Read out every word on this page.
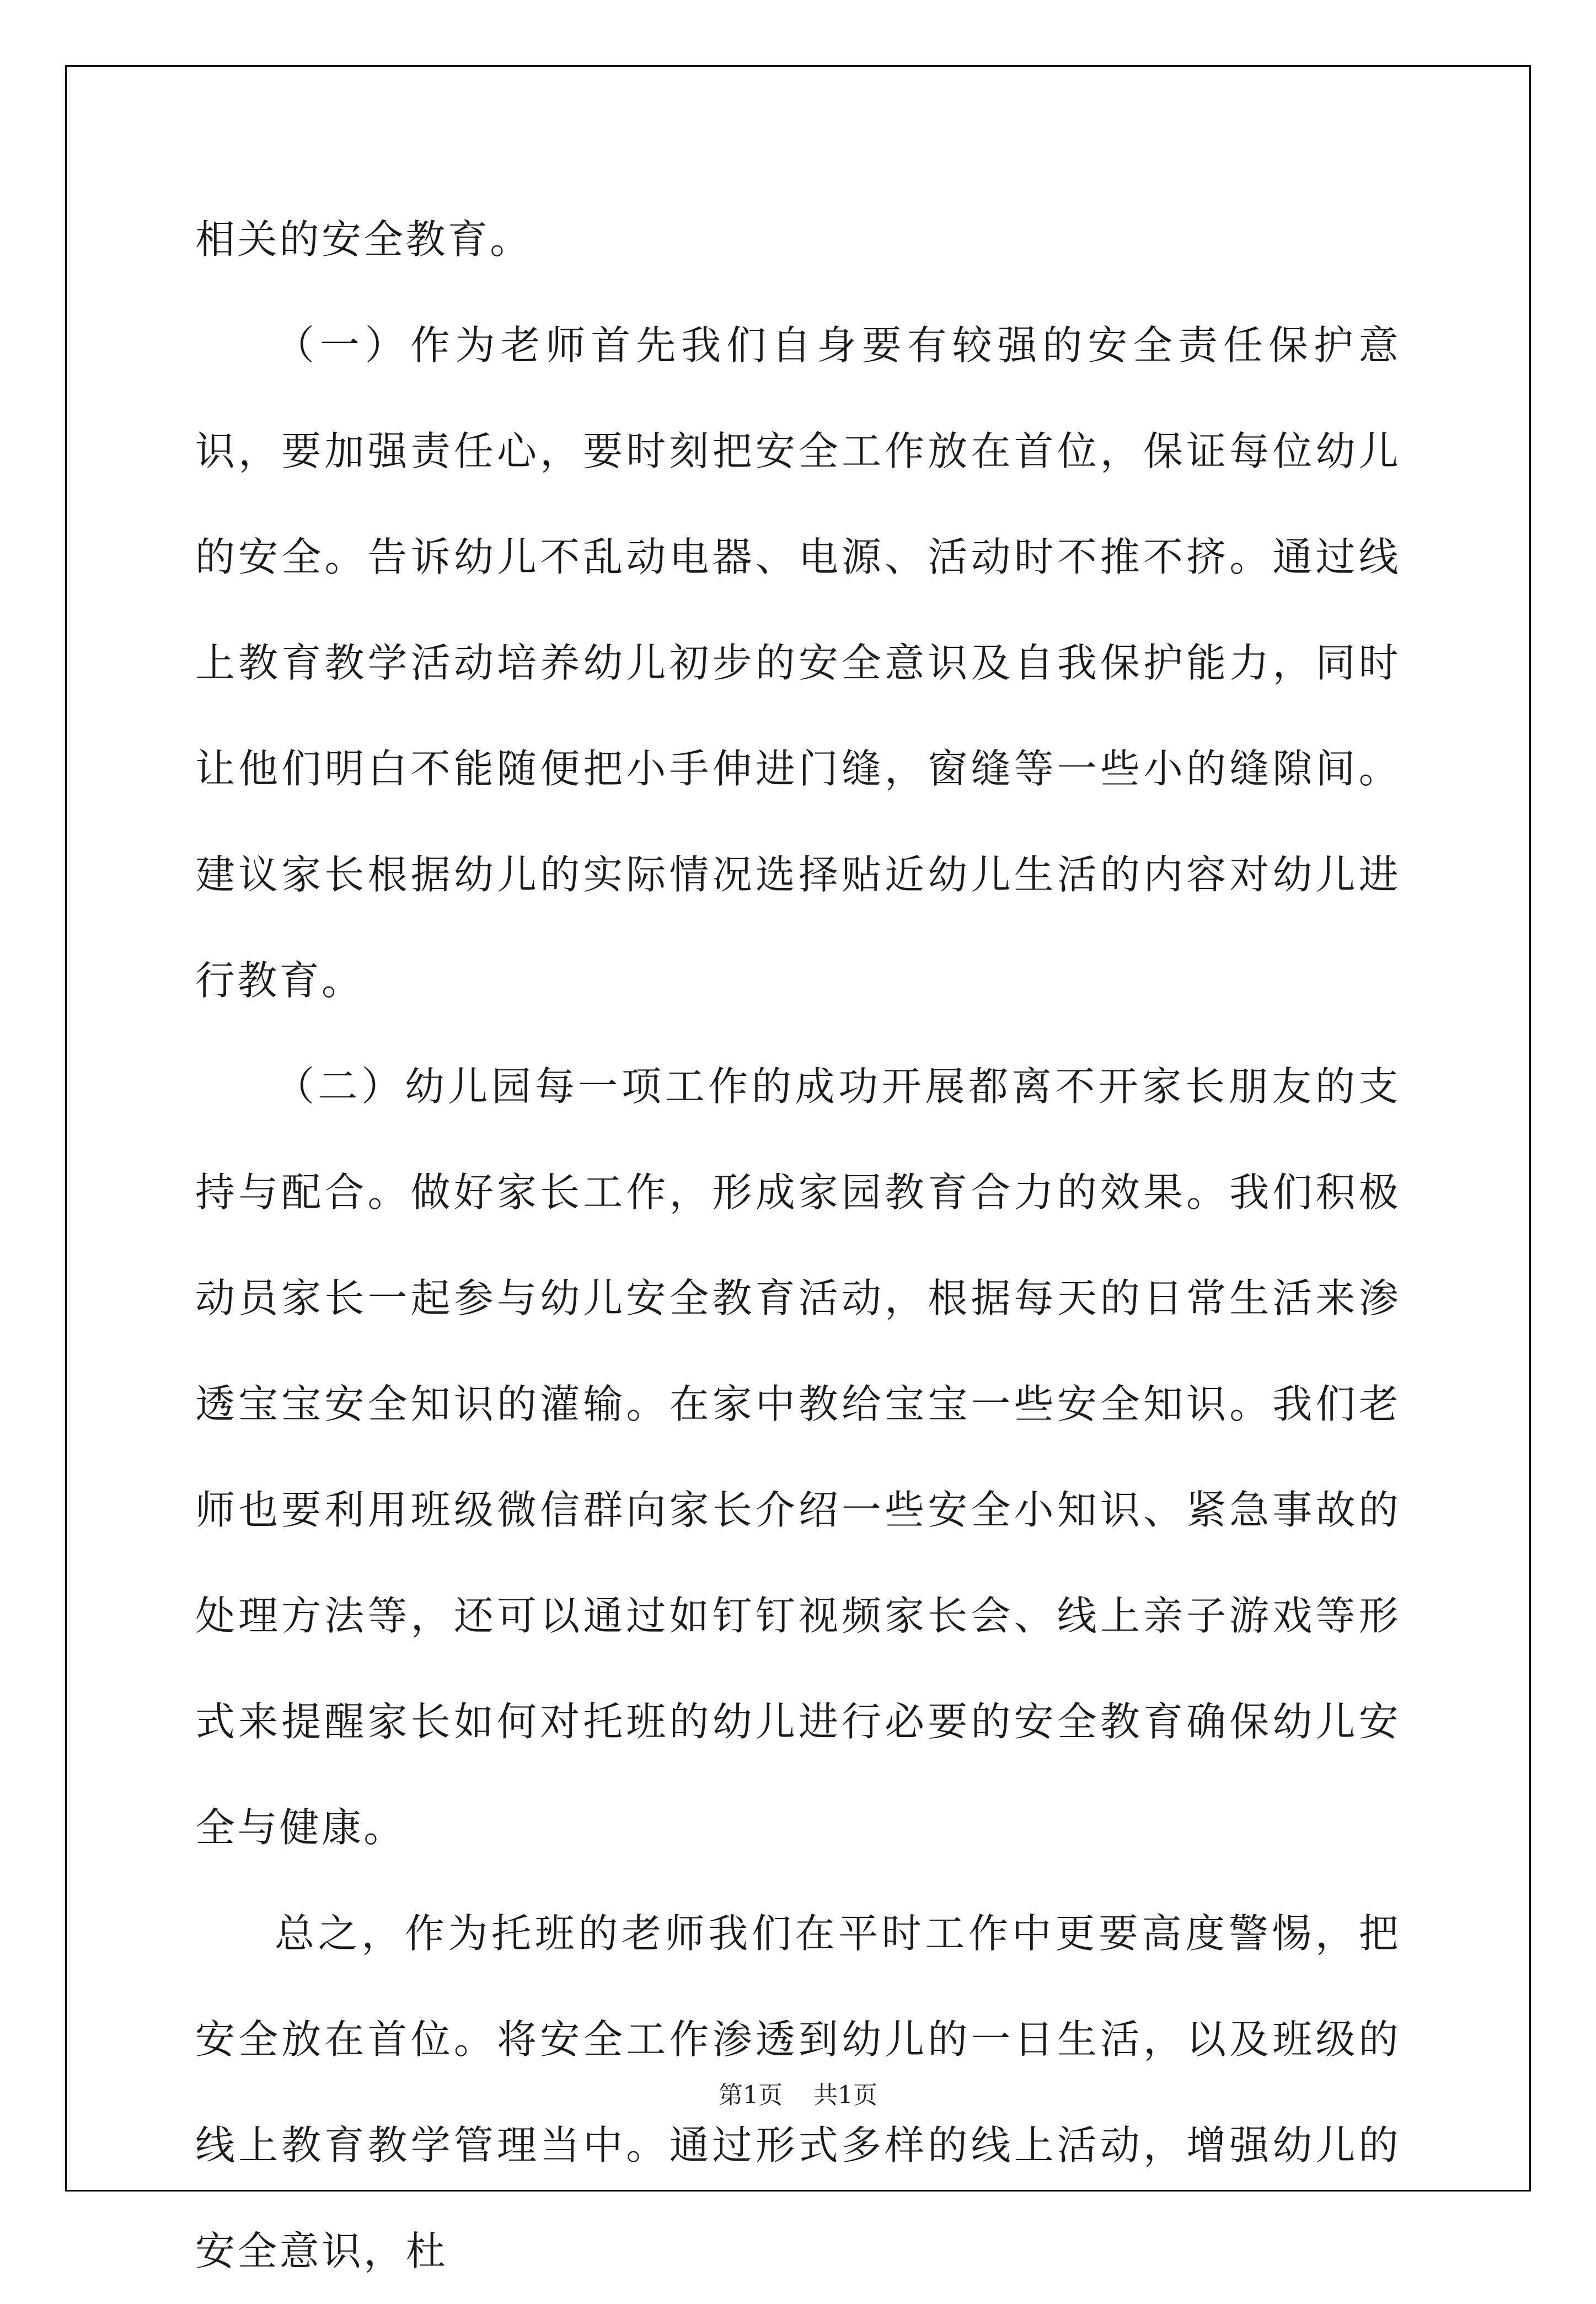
相关的安全教育。

（一）作为老师首先我们自身要有较强的安全责任保护意识，要加强责任心，要时刻把安全工作放在首位，保证每位幼儿的安全。告诉幼儿不乱动电器、电源、活动时不推不挤。通过线上教育教学活动培养幼儿初步的安全意识及自我保护能力，同时让他们明白不能随便把小手伸进门缝，窗缝等一些小的缝隙间。建议家长根据幼儿的实际情况选择贴近幼儿生活的内容对幼儿进行教育。

（二）幼儿园每一项工作的成功开展都离不开家长朋友的支持与配合。做好家长工作，形成家园教育合力的效果。我们积极动员家长一起参与幼儿安全教育活动，根据每天的日常生活来渗透宝宝安全知识的灌输。在家中教给宝宝一些安全知识。我们老师也要利用班级微信群向家长介绍一些安全小知识、紧急事故的处理方法等，还可以通过如钉钉视频家长会、线上亲子游戏等形式来提醒家长如何对托班的幼儿进行必要的安全教育确保幼儿安全与健康。

总之，作为托班的老师我们在平时工作中更要高度警惕，把安全放在首位。将安全工作渗透到幼儿的一日生活，以及班级的线上教育教学管理当中。通过形式多样的线上活动，增强幼儿的安全意识，杜

第1页 共1页
